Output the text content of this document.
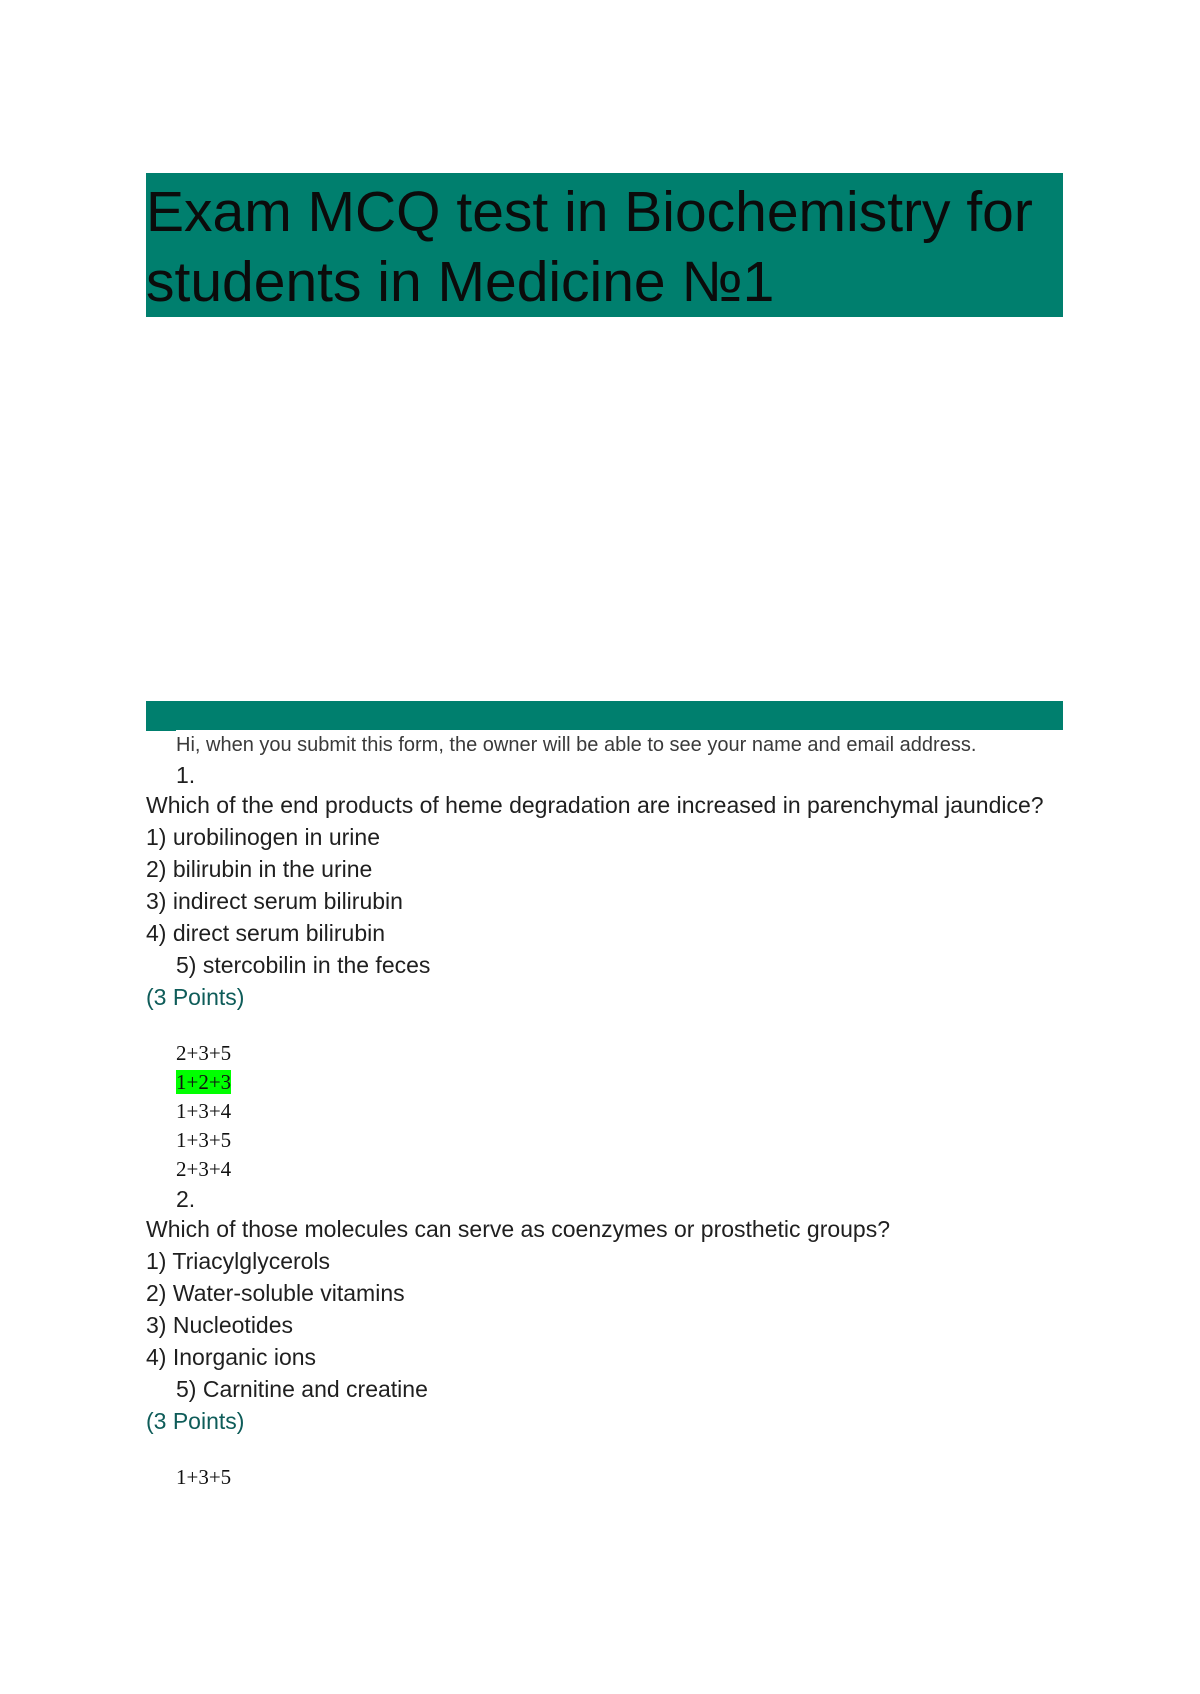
Exam MCQ test in Biochemistry for students in Medicine №1
Hi, when you submit this form, the owner will be able to see your name and email address.
1.
Which of the end products of heme degradation are increased in parenchymal jaundice?
1) urobilinogen in urine
2) bilirubin in the urine
3) indirect serum bilirubin
4) direct serum bilirubin
5) stercobilin in the feces
(3 Points)
2+3+5
1+2+3
1+3+4
1+3+5
2+3+4
2.
Which of those molecules can serve as coenzymes or prosthetic groups?
1) Triacylglycerols
2) Water-soluble vitamins
3) Nucleotides
4) Inorganic ions
5) Carnitine and creatine
(3 Points)
1+3+5
